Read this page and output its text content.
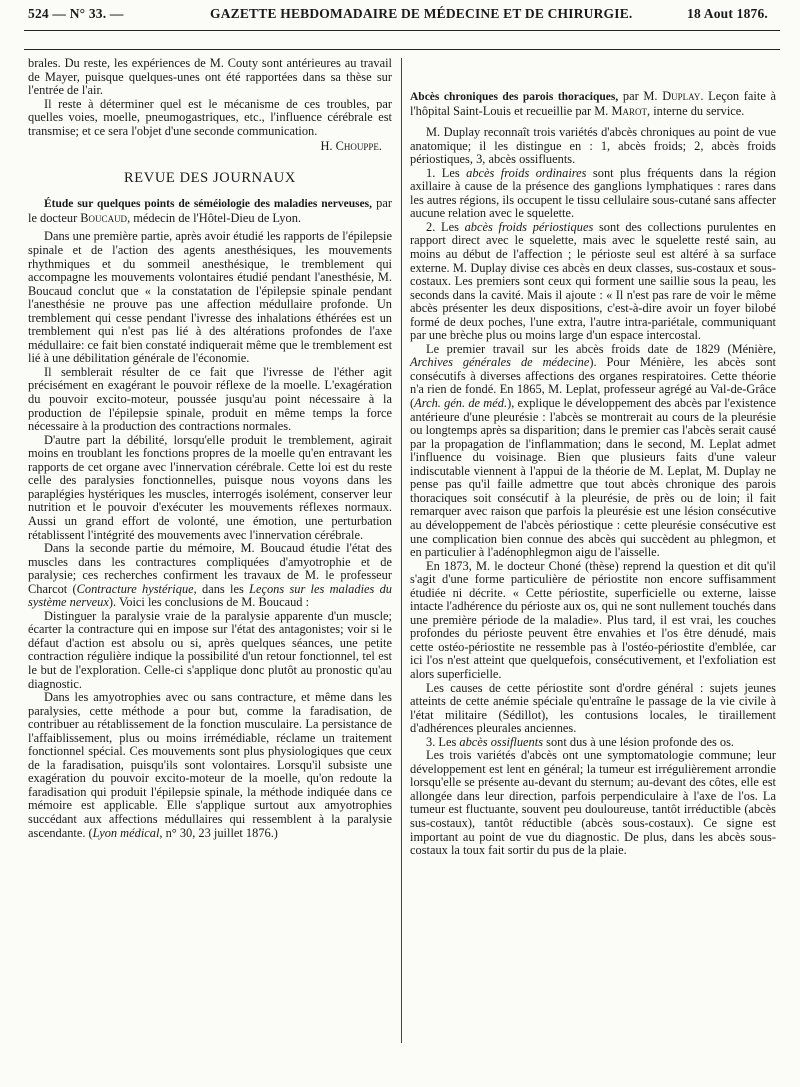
524 — N° 33. —	GAZETTE HEBDOMADAIRE DE MÉDECINE ET DE CHIRURGIE.	18 Aout 1876.

brales. Du reste, les expériences de M. Couty sont antérieures au travail de Mayer, puisque quelques-unes ont été rapportées dans sa thèse sur l'entrée de l'air.

Il reste à déterminer quel est le mécanisme de ces troubles, par quelles voies, moelle, pneumogastriques, etc., l'influence cérébrale est transmise; et ce sera l'objet d'une seconde communication.

H. Chouppe.

REVUE DES JOURNAUX

Étude sur quelques points de séméiologie des maladies nerveuses, par le docteur Boucaud, médecin de l'Hôtel-Dieu de Lyon.

Dans une première partie, après avoir étudié les rapports de l'épilepsie spinale et de l'action des agents anesthésiques, les mouvements rhythmiques et du sommeil anesthésique, le tremblement qui accompagne les mouvements volontaires étudié pendant l'anesthésie, M. Boucaud conclut que « la constatation de l'épilepsie spinale pendant l'anesthésie ne prouve pas une affection médullaire profonde. Un tremblement qui cesse pendant l'ivresse des inhalations éthérées est un tremblement qui n'est pas lié à des altérations profondes de l'axe médullaire: ce fait bien constaté indiquerait même que le tremblement est lié à une débilitation générale de l'économie.

Il semblerait résulter de ce fait que l'ivresse de l'éther agit précisément en exagérant le pouvoir réflexe de la moelle. L'exagération du pouvoir excito-moteur, poussée jusqu'au point nécessaire à la production de l'épilepsie spinale, produit en même temps la force nécessaire à la production des contractions normales.

D'autre part la débilité, lorsqu'elle produit le tremblement, agirait moins en troublant les fonctions propres de la moelle qu'en entravant les rapports de cet organe avec l'innervation cérébrale. Cette loi est du reste celle des paralysies fonctionnelles, puisque nous voyons dans les paraplégies hystériques les muscles, interrogés isolément, conserver leur nutrition et le pouvoir d'exécuter les mouvements réflexes normaux. Aussi un grand effort de volonté, une émotion, une perturbation rétablissent l'intégrité des mouvements avec l'innervation cérébrale.

Dans la seconde partie du mémoire, M. Boucaud étudie l'état des muscles dans les contractures compliquées d'amyotrophie et de paralysie; ces recherches confirment les travaux de M. le professeur Charcot (Contracture hystérique, dans les Leçons sur les maladies du système nerveux). Voici les conclusions de M. Boucaud :

Distinguer la paralysie vraie de la paralysie apparente d'un muscle; écarter la contracture qui en impose sur l'état des antagonistes; voir si le défaut d'action est absolu ou si, après quelques séances, une petite contraction régulière indique la possibilité d'un retour fonctionnel, tel est le but de l'exploration. Celle-ci s'applique donc plutôt au pronostic qu'au diagnostic.

Dans les amyotrophies avec ou sans contracture, et même dans les paralysies, cette méthode a pour but, comme la faradisation, de contribuer au rétablissement de la fonction musculaire. La persistance de l'affaiblissement, plus ou moins irrémédiable, réclame un traitement fonctionnel spécial. Ces mouvements sont plus physiologiques que ceux de la faradisation, puisqu'ils sont volontaires. Lorsqu'il subsiste une exagération du pouvoir excito-moteur de la moelle, qu'on redoute la faradisation qui produit l'épilepsie spinale, la méthode indiquée dans ce mémoire est applicable. Elle s'applique surtout aux amyotrophies succédant aux affections médullaires qui ressemblent à la paralysie ascendante. (Lyon médical, n° 30, 23 juillet 1876.)

Abcès chroniques des parois thoraciques, par M. Duplay. Leçon faite à l'hôpital Saint-Louis et recueillie par M. Marot, interne du service.

M. Duplay reconnaît trois variétés d'abcès chroniques au point de vue anatomique; il les distingue en : 1, abcès froids; 2, abcès froids périostiques, 3, abcès ossifluents.

1. Les abcès froids ordinaires sont plus fréquents dans la région axillaire à cause de la présence des ganglions lymphatiques : rares dans les autres régions, ils occupent le tissu cellulaire sous-cutané sans affecter aucune relation avec le squelette.

2. Les abcès froids périostiques sont des collections purulentes en rapport direct avec le squelette, mais avec le squelette resté sain, au moins au début de l'affection ; le périoste seul est altéré à sa surface externe. M. Duplay divise ces abcès en deux classes, sus-costaux et sous-costaux. Les premiers sont ceux qui forment une saillie sous la peau, les seconds dans la cavité. Mais il ajoute : « Il n'est pas rare de voir le même abcès présenter les deux dispositions, c'est-à-dire avoir un foyer bilobé formé de deux poches, l'une extra, l'autre intra-pariétale, communiquant par une brèche plus ou moins large d'un espace intercostal.

Le premier travail sur les abcès froids date de 1829 (Ménière, Archives générales de médecine). Pour Ménière, les abcès sont consécutifs à diverses affections des organes respiratoires. Cette théorie n'a rien de fondé. En 1865, M. Leplat, professeur agrégé au Val-de-Grâce (Arch. gén. de méd.), explique le développement des abcès par l'existence antérieure d'une pleurésie : l'abcès se montrerait au cours de la pleurésie ou longtemps après sa disparition; dans le premier cas l'abcès serait causé par la propagation de l'inflammation; dans le second, M. Leplat admet l'influence du voisinage. Bien que plusieurs faits d'une valeur indiscutable viennent à l'appui de la théorie de M. Leplat, M. Duplay ne pense pas qu'il faille admettre que tout abcès chronique des parois thoraciques soit consécutif à la pleurésie, de près ou de loin; il fait remarquer avec raison que parfois la pleurésie est une lésion consécutive au développement de l'abcès périostique : cette pleurésie consécutive est une complication bien connue des abcès qui succèdent au phlegmon, et en particulier à l'adénophlegmon aigu de l'aisselle.

En 1873, M. le docteur Choné (thèse) reprend la question et dit qu'il s'agit d'une forme particulière de périostite non encore suffisamment étudiée ni décrite. « Cette périostite, superficielle ou externe, laisse intacte l'adhérence du périoste aux os, qui ne sont nullement touchés dans une première période de la maladie». Plus tard, il est vrai, les couches profondes du périoste peuvent être envahies et l'os être dénudé, mais cette ostéo-périostite ne ressemble pas à l'ostéo-périostite d'emblée, car ici l'os n'est atteint que quelquefois, consécutivement, et l'exfoliation est alors superficielle.

Les causes de cette périostite sont d'ordre général : sujets jeunes atteints de cette anémie spéciale qu'entraîne le passage de la vie civile à l'état militaire (Sédillot), les contusions locales, le tiraillement d'adhérences pleurales anciennes.

3. Les abcès ossifluents sont dus à une lésion profonde des os.

Les trois variétés d'abcès ont une symptomatologie commune; leur développement est lent en général; la tumeur est irrégulièrement arrondie lorsqu'elle se présente au-devant du sternum; au-devant des côtes, elle est allongée dans leur direction, parfois perpendiculaire à l'axe de l'os. La tumeur est fluctuante, souvent peu douloureuse, tantôt irréductible (abcès sus-costaux), tantôt réductible (abcès sous-costaux). Ce signe est important au point de vue du diagnostic. De plus, dans les abcès sous-costaux la toux fait sortir du pus de la plaie.
